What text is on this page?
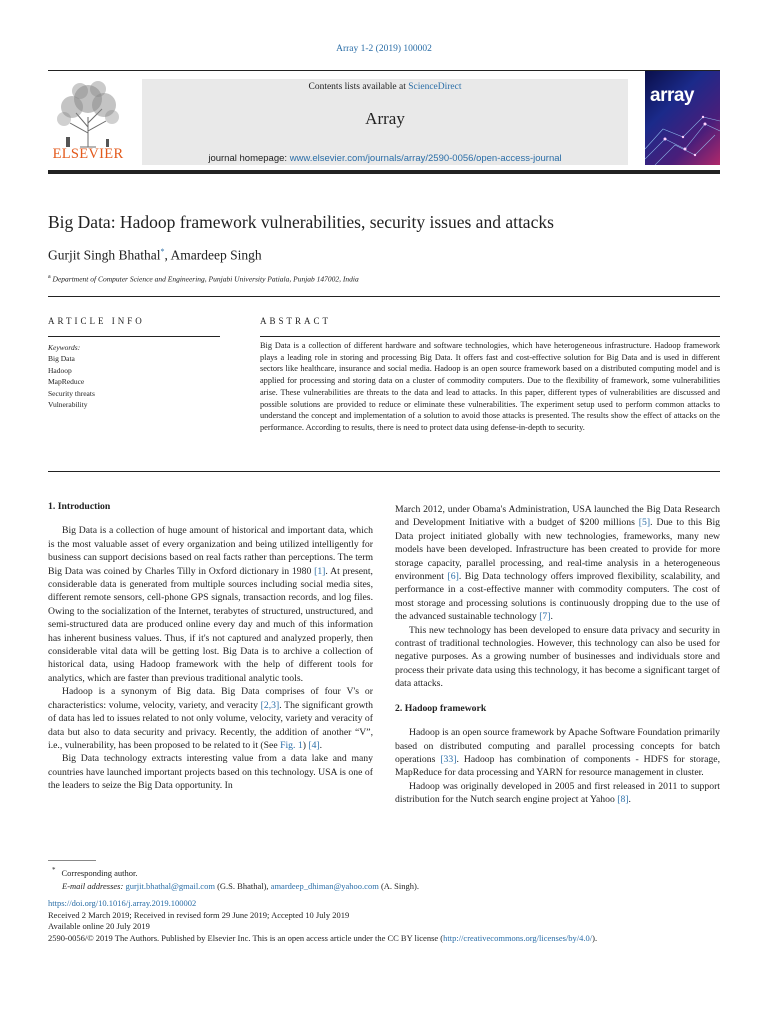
Array 1-2 (2019) 100002
ELSEVIER
Contents lists available at ScienceDirect
Array
journal homepage: www.elsevier.com/journals/array/2590-0056/open-access-journal
array
Big Data: Hadoop framework vulnerabilities, security issues and attacks
Gurjit Singh Bhathal*, Amardeep Singh
$^a$ Department of Computer Science and Engineering, Punjabi University Patiala, Punjab 147002, India
ARTICLE INFO
Keywords:
Big Data
Hadoop
MapReduce
Security threats
Vulnerability
ABSTRACT
Big Data is a collection of different hardware and software technologies, which have heterogeneous infrastructure. Hadoop framework plays a leading role in storing and processing Big Data. It offers fast and cost-effective solution for Big Data and is used in different sectors like healthcare, insurance and social media. Hadoop is an open source framework based on a distributed computing model and is applied for processing and storing data on a cluster of commodity computers. Due to the flexibility of framework, some vulnerabilities arise. These vulnerabilities are threats to the data and lead to attacks. In this paper, different types of vulnerabilities are discussed and possible solutions are provided to reduce or eliminate these vulnerabilities. The experiment setup used to perform common attacks to understand the concept and implementation of a solution to avoid those attacks is presented. The results show the effect of attacks on the performance. According to results, there is need to protect data using defense-in-depth to security.
1. Introduction

Big Data is a collection of huge amount of historical and important data, which is the most valuable asset of every organization and being utilized intelligently for business can support decisions based on real facts rather than perceptions. The term Big Data was coined by Charles Tilly in Oxford dictionary in 1980 [1]. At present, considerable data is generated from multiple sources including social media sites, different remote sensors, cell-phone GPS signals, transaction records, and log files. Owing to the socialization of the Internet, terabytes of structured, unstructured, and semi-structured data are produced online every day and much of this information has inherent business values. Thus, if it's not captured and analyzed properly, then considerable vital data will be getting lost. Big Data is to archive a collection of historical data, using Hadoop framework with the help of different tools for analytics, which are faster than previous traditional analytic tools.

Hadoop is a synonym of Big data. Big Data comprises of four V's or characteristics: volume, velocity, variety, and veracity [2,3]. The significant growth of data has led to issues related to not only volume, velocity, variety and veracity of data but also to data security and privacy. Recently, the addition of another “V”, i.e., vulnerability, has been proposed to be related to it (See Fig. 1) [4].

Big Data technology extracts interesting value from a data lake and many countries have launched important projects based on this technology. USA is one of the leaders to seize the Big Data opportunity. In

March 2012, under Obama's Administration, USA launched the Big Data Research and Development Initiative with a budget of $200 millions [5]. Due to this Big Data project initiated globally with new technologies, frameworks, many new models have been developed. Infrastructure has been created to provide for more storage capacity, parallel processing, and real-time analysis in a heterogeneous environment [6]. Big Data technology offers improved flexibility, scalability, and performance in a cost-effective manner with commodity computers. The cost of most storage and processing solutions is continuously dropping due to the use of the advanced sustainable technology [7].

This new technology has been developed to ensure data privacy and security in contrast of traditional technologies. However, this technology can also be used for negative purposes. As a growing number of businesses and individuals store and process their private data using this technology, it has become a significant target of data attacks.

2. Hadoop framework

Hadoop is an open source framework by Apache Software Foundation primarily based on distributed computing and parallel processing concepts for batch operations [33]. Hadoop has combination of components - HDFS for storage, MapReduce for data processing and YARN for resource management in cluster.

Hadoop was originally developed in 2005 and first released in 2011 to support distribution for the Nutch search engine project at Yahoo [8].

* Corresponding author.
E-mail addresses: gurjit.bhathal@gmail.com (G.S. Bhathal), amardeep_dhiman@yahoo.com (A. Singh).
https://doi.org/10.1016/j.array.2019.100002
Received 2 March 2019; Received in revised form 29 June 2019; Accepted 10 July 2019
Available online 20 July 2019
2590-0056/© 2019 The Authors. Published by Elsevier Inc. This is an open access article under the CC BY license (http://creativecommons.org/licenses/by/4.0/).
